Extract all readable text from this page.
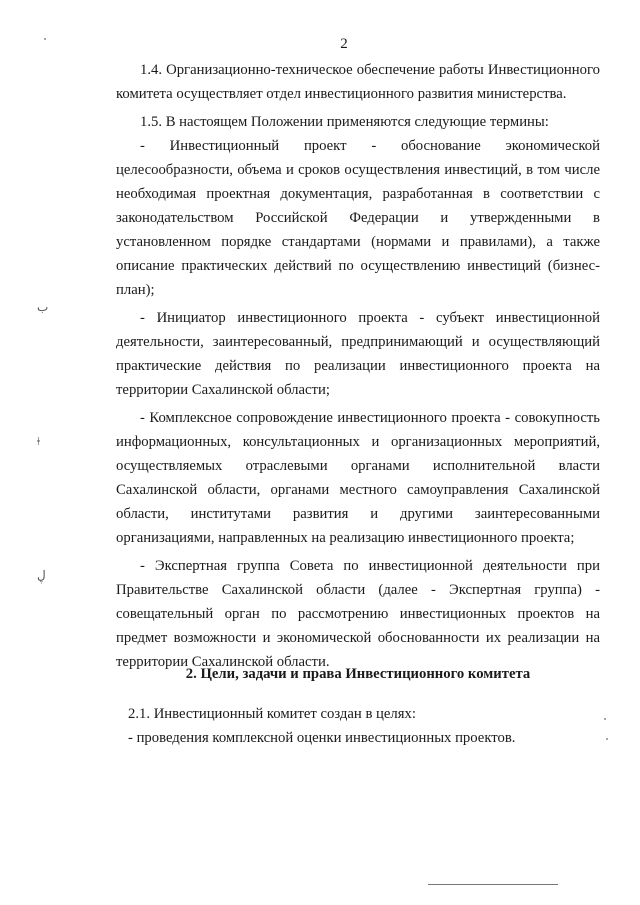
2

1.4. Организационно-техническое обеспечение работы Инвестиционного комитета осуществляет отдел инвестиционного развития министерства.

1.5. В настоящем Положении применяются следующие термины:

- Инвестиционный проект - обоснование экономической целесообразности, объема и сроков осуществления инвестиций, в том числе необходимая проектная документация, разработанная в соответствии с законодательством Российской Федерации и утвержденными в установленном порядке стандартами (нормами и правилами), а также описание практических действий по осуществлению инвестиций (бизнес-план);

- Инициатор инвестиционного проекта - субъект инвестиционной деятельности, заинтересованный, предпринимающий и осуществляющий практические действия по реализации инвестиционного проекта на территории Сахалинской области;

- Комплексное сопровождение инвестиционного проекта - совокупность информационных, консультационных и организационных мероприятий, осуществляемых отраслевыми органами исполнительной власти Сахалинской области, органами местного самоуправления Сахалинской области, институтами развития и другими заинтересованными организациями, направленных на реализацию инвестиционного проекта;

- Экспертная группа Совета по инвестиционной деятельности при Правительстве Сахалинской области (далее - Экспертная группа) - совещательный орган по рассмотрению инвестиционных проектов на предмет возможности и экономической обоснованности их реализации на территории Сахалинской области.

2. Цели, задачи и права Инвестиционного комитета

2.1. Инвестиционный комитет создан в целях:

- проведения комплексной оценки инвестиционных проектов.

ب
ǂ
ڸ
